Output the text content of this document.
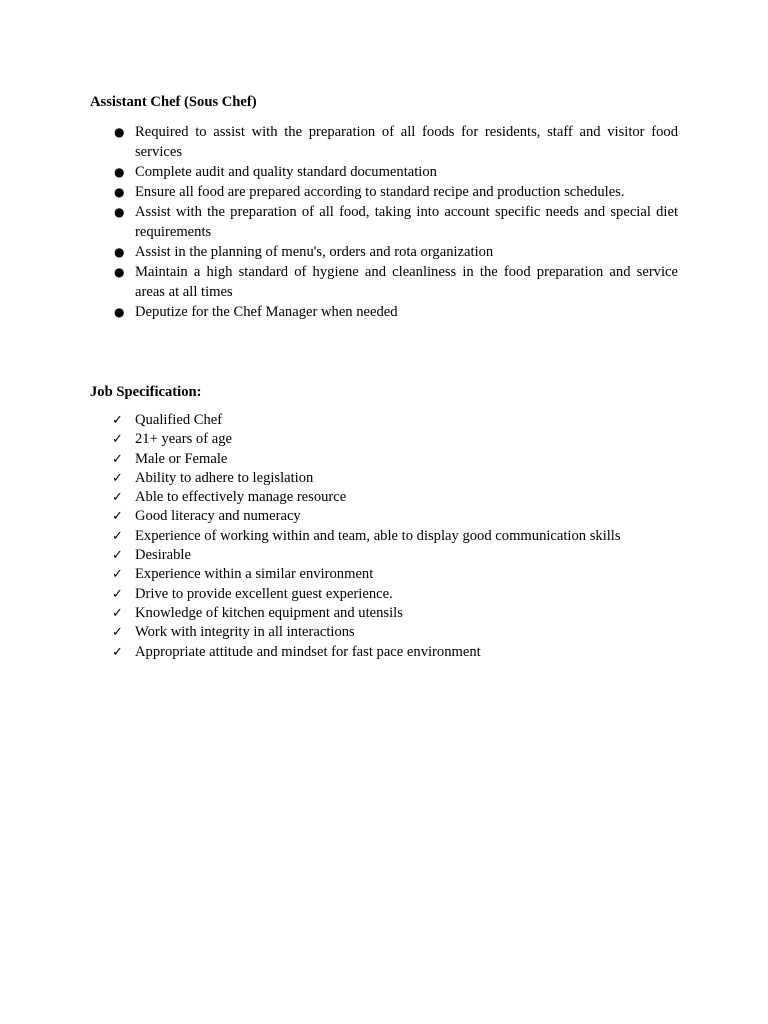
Assistant Chef (Sous Chef)

● Required to assist with the preparation of all foods for residents, staff and visitor food services
● Complete audit and quality standard documentation
● Ensure all food are prepared according to standard recipe and production schedules.
● Assist with the preparation of all food, taking into account specific needs and special diet requirements
● Assist in the planning of menu's, orders and rota organization
● Maintain a high standard of hygiene and cleanliness in the food preparation and service areas at all times
● Deputize for the Chef Manager when needed

Job Specification:

✓ Qualified Chef
✓ 21+ years of age
✓ Male or Female
✓ Ability to adhere to legislation
✓ Able to effectively manage resource
✓ Good literacy and numeracy
✓ Experience of working within and team, able to display good communication skills
✓ Desirable
✓ Experience within a similar environment
✓ Drive to provide excellent guest experience.
✓ Knowledge of kitchen equipment and utensils
✓ Work with integrity in all interactions
✓ Appropriate attitude and mindset for fast pace environment
